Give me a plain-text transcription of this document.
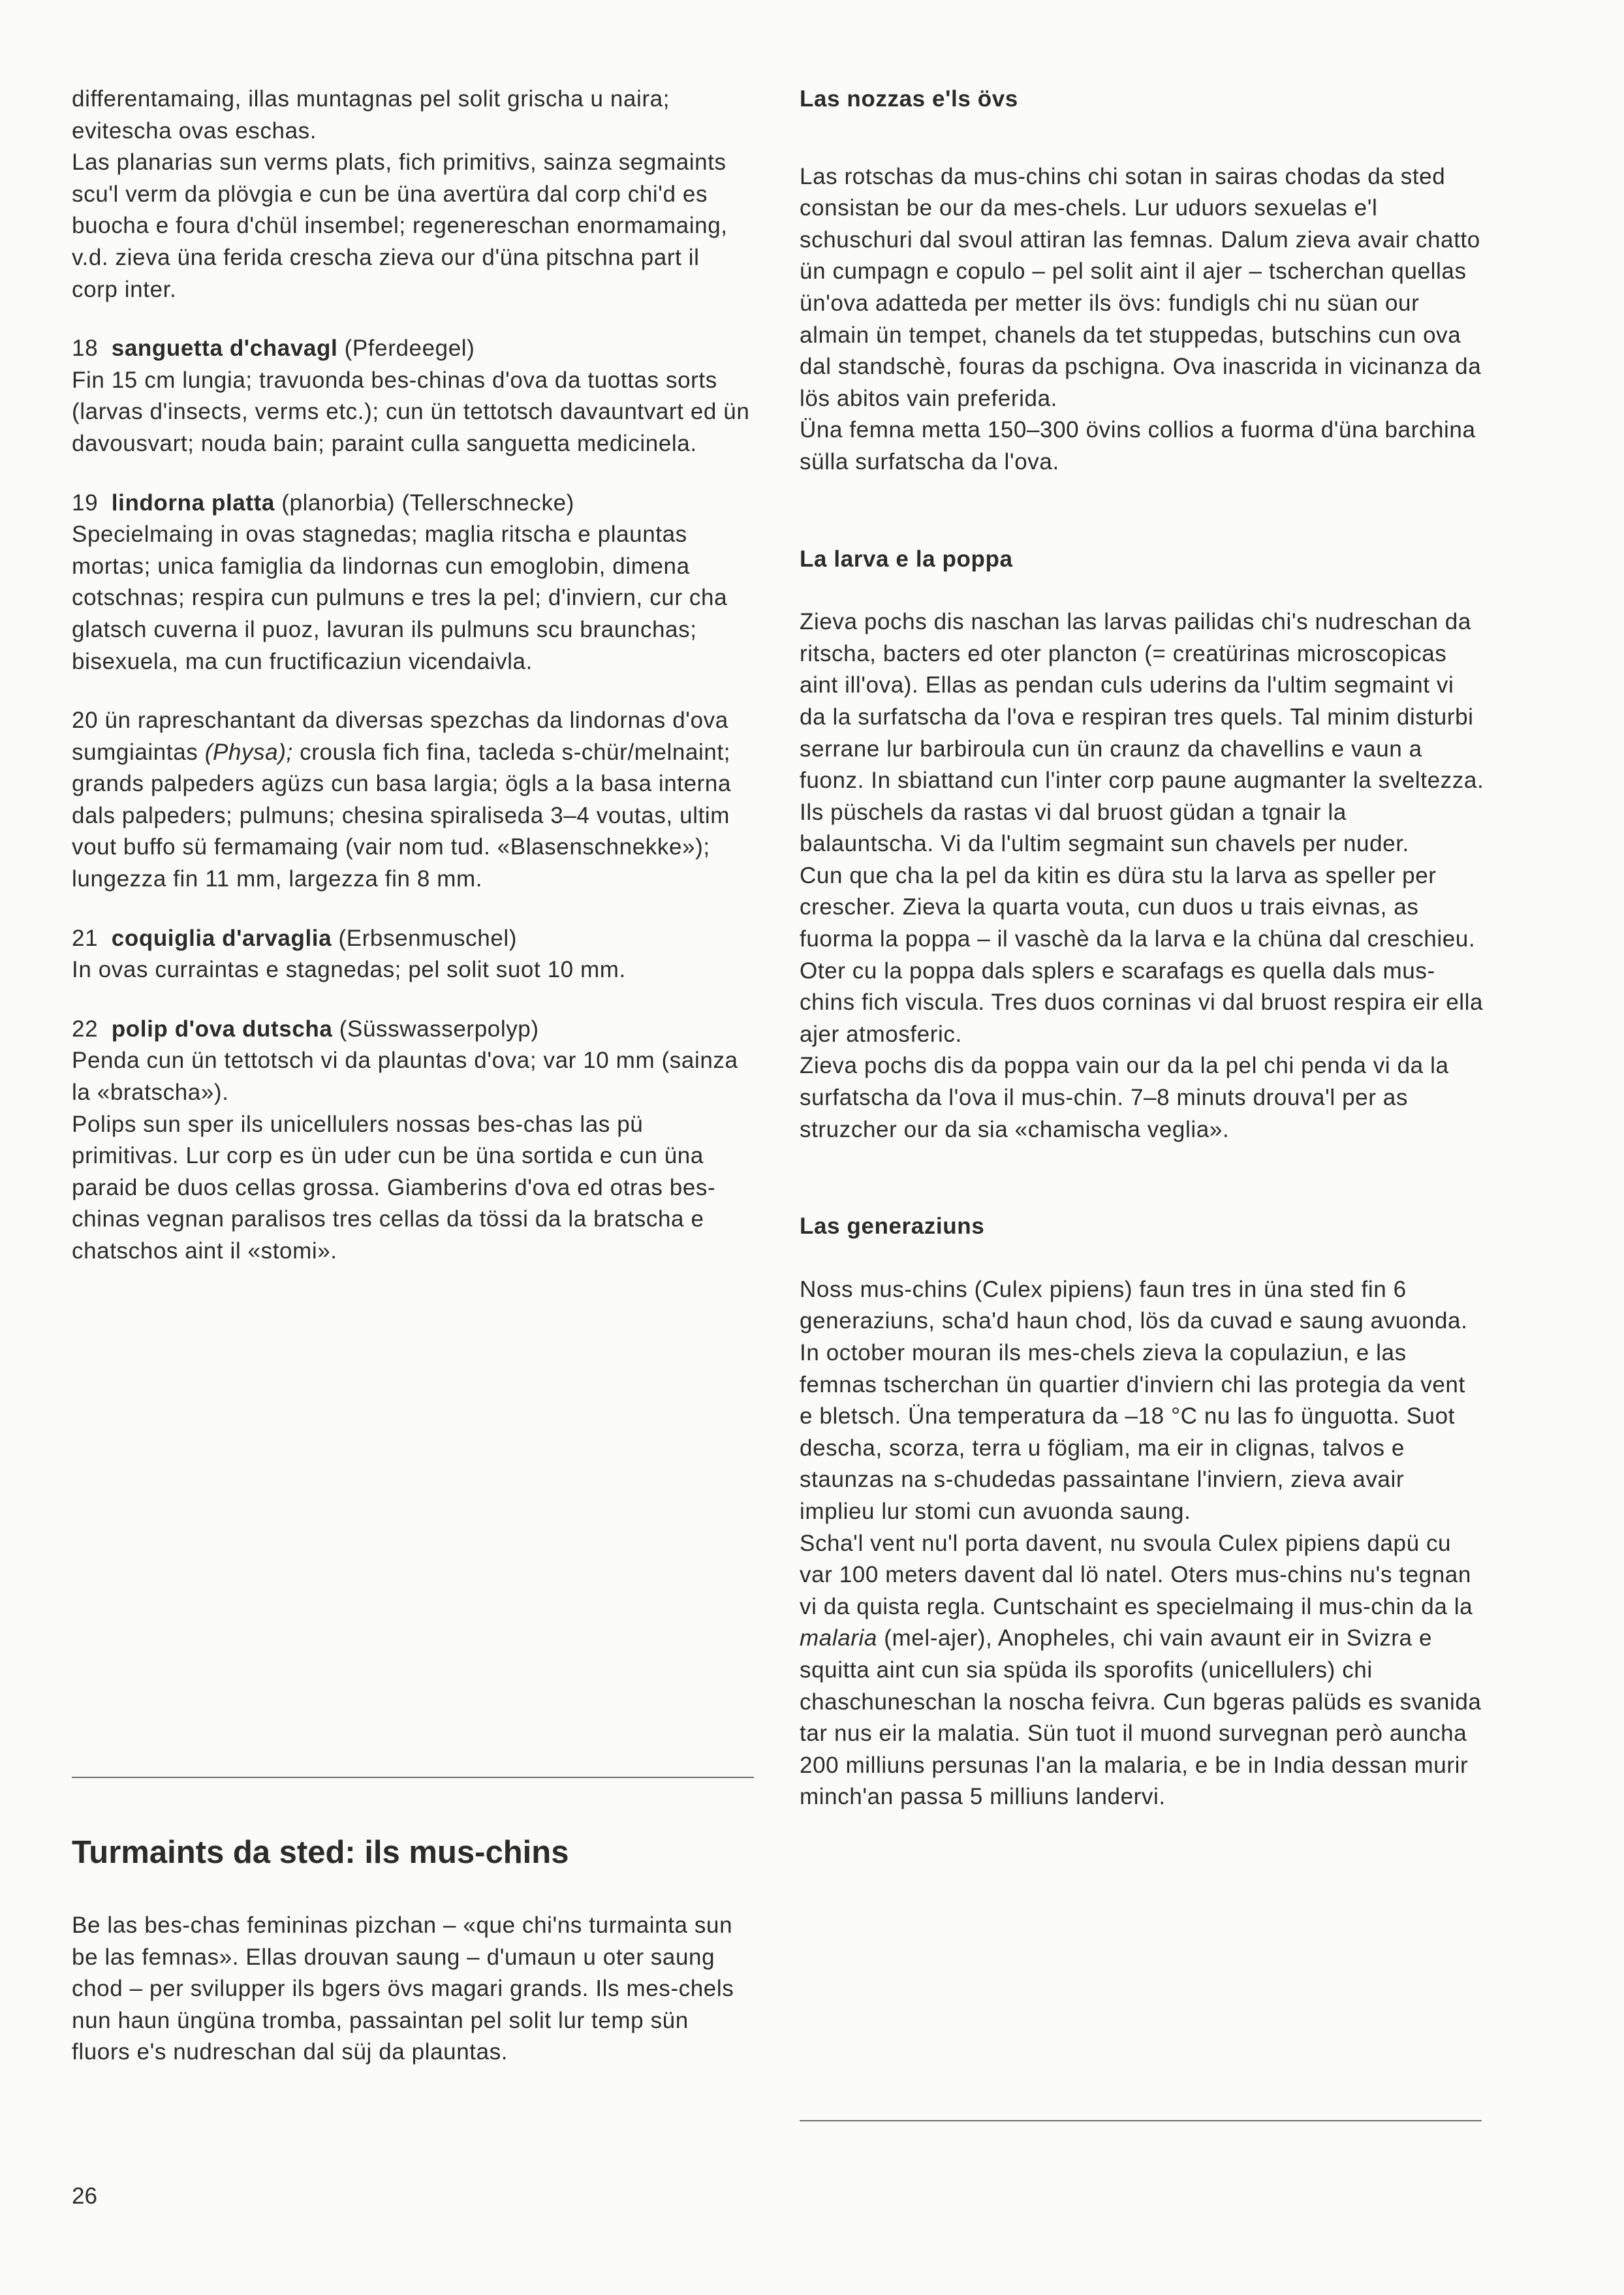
differentamaing, illas muntagnas pel solit grischa u naira; evitescha ovas eschas.

Las planarias sun verms plats, fich primitivs, sainza segmaints scu'l verm da plövgia e cun be üna avertüra dal corp chi'd es buocha e foura d'chül insembel; regenereschan enormamaing, v.d. zieva üna ferida crescha zieva our d'üna pitschna part il corp inter.

18 sanguetta d'chavagl (Pferdeegel)
Fin 15 cm lungia; travuonda bes-chinas d'ova da tuottas sorts (larvas d'insects, verms etc.); cun ün tettotsch davauntvart ed ün davousvart; nouda bain; paraint culla sanguetta medicinela.

19 lindorna platta (planorbia) (Tellerschnecke)
Specielmaing in ovas stagnedas; maglia ritscha e plauntas mortas; unica famiglia da lindornas cun emoglobin, dimena cotschnas; respira cun pulmuns e tres la pel; d'inviern, cur cha glatsch cuverna il puoz, lavuran ils pulmuns scu braunchas; bisexuela, ma cun fructificaziun vicendaivla.

20 ün rapreschantant da diversas spezchas da lindornas d'ova sumgiaintas (Physa); crousla fich fina, tacleda s-chür/melnaint; grands palpeders agüzs cun basa largia; ögls a la basa interna dals palpeders; pulmuns; chesina spiraliseda 3–4 voutas, ultim vout buffo sü fermamaing (vair nom tud. «Blasenschnekke»); lungezza fin 11 mm, largezza fin 8 mm.

21 coquiglia d'arvaglia (Erbsenmuschel)
In ovas curraintas e stagnedas; pel solit suot 10 mm.

22 polip d'ova dutscha (Süsswasserpolyp)
Penda cun ün tettotsch vi da plauntas d'ova; var 10 mm (sainza la «bratscha»).

Polips sun sper ils unicellulers nossas bes-chas las pü primitivas. Lur corp es ün uder cun be üna sortida e cun üna paraid be duos cellas grossa. Giamberins d'ova ed otras bes-chinas vegnan paralisos tres cellas da tössi da la bratscha e chatschos aint il «stomi».

Turmaints da sted: ils mus-chins

Be las bes-chas femininas pizchan – «que chi'ns turmainta sun be las femnas». Ellas drouvan saung – d'umaun u oter saung chod – per svilupper ils bgers övs magari grands. Ils mes-chels nun haun üngüna tromba, passaintan pel solit lur temp sün fluors e's nudreschan dal süj da plauntas.

Las nozzas e'ls övs

Las rotschas da mus-chins chi sotan in sairas chodas da sted consistan be our da mes-chels. Lur uduors sexuelas e'l schuschuri dal svoul attiran las femnas. Dalum zieva avair chatto ün cumpagn e copulo – pel solit aint il ajer – tscherchan quellas ün'ova adatteda per metter ils övs: fundigls chi nu süan our almain ün tempet, chanels da tet stuppedas, butschins cun ova dal standschè, fouras da pschigna. Ova inascrida in vicinanza da lös abitos vain preferida.

Üna femna metta 150–300 övins collios a fuorma d'üna barchina sülla surfatscha da l'ova.

La larva e la poppa

Zieva pochs dis naschan las larvas pailidas chi's nudreschan da ritscha, bacters ed oter plancton (= creatürinas microscopicas aint ill'ova). Ellas as pendan culs uderins da l'ultim segmaint vi da la surfatscha da l'ova e respiran tres quels. Tal minim disturbi serrane lur barbiroula cun ün craunz da chavellins e vaun a fuonz. In sbiattand cun l'inter corp paune augmanter la sveltezza. Ils püschels da rastas vi dal bruost güdan a tgnair la balauntscha. Vi da l'ultim segmaint sun chavels per nuder.

Cun que cha la pel da kitin es düra stu la larva as speller per crescher. Zieva la quarta vouta, cun duos u trais eivnas, as fuorma la poppa – il vaschè da la larva e la chüna dal creschieu. Oter cu la poppa dals splers e scarafags es quella dals mus-chins fich viscula. Tres duos corninas vi dal bruost respira eir ella ajer atmosferic.

Zieva pochs dis da poppa vain our da la pel chi penda vi da la surfatscha da l'ova il mus-chin. 7–8 minuts drouva'l per as struzcher our da sia «chamischa veglia».

Las generaziuns

Noss mus-chins (Culex pipiens) faun tres in üna sted fin 6 generaziuns, scha'd haun chod, lös da cuvad e saung avuonda. In october mouran ils mes-chels zieva la copulaziun, e las femnas tscherchan ün quartier d'inviern chi las protegia da vent e bletsch. Üna temperatura da –18 °C nu las fo ünguotta. Suot descha, scorza, terra u fögliam, ma eir in clignas, talvos e staunzas na s-chudedas passaintane l'inviern, zieva avair implieu lur stomi cun avuonda saung.

Scha'l vent nu'l porta davent, nu svoula Culex pipiens dapü cu var 100 meters davent dal lö natel. Oters mus-chins nu's tegnan vi da quista regla. Cuntschaint es specielmaing il mus-chin da la malaria (mel-ajer), Anopheles, chi vain avaunt eir in Svizra e squitta aint cun sia spüda ils sporofits (unicellulers) chi chaschuneschan la noscha feivra. Cun bgeras palüds es svanida tar nus eir la malatia. Sün tuot il muond survegnan però auncha 200 milliuns persunas l'an la malaria, e be in India dessan murir minch'an passa 5 milliuns landervi.

26
